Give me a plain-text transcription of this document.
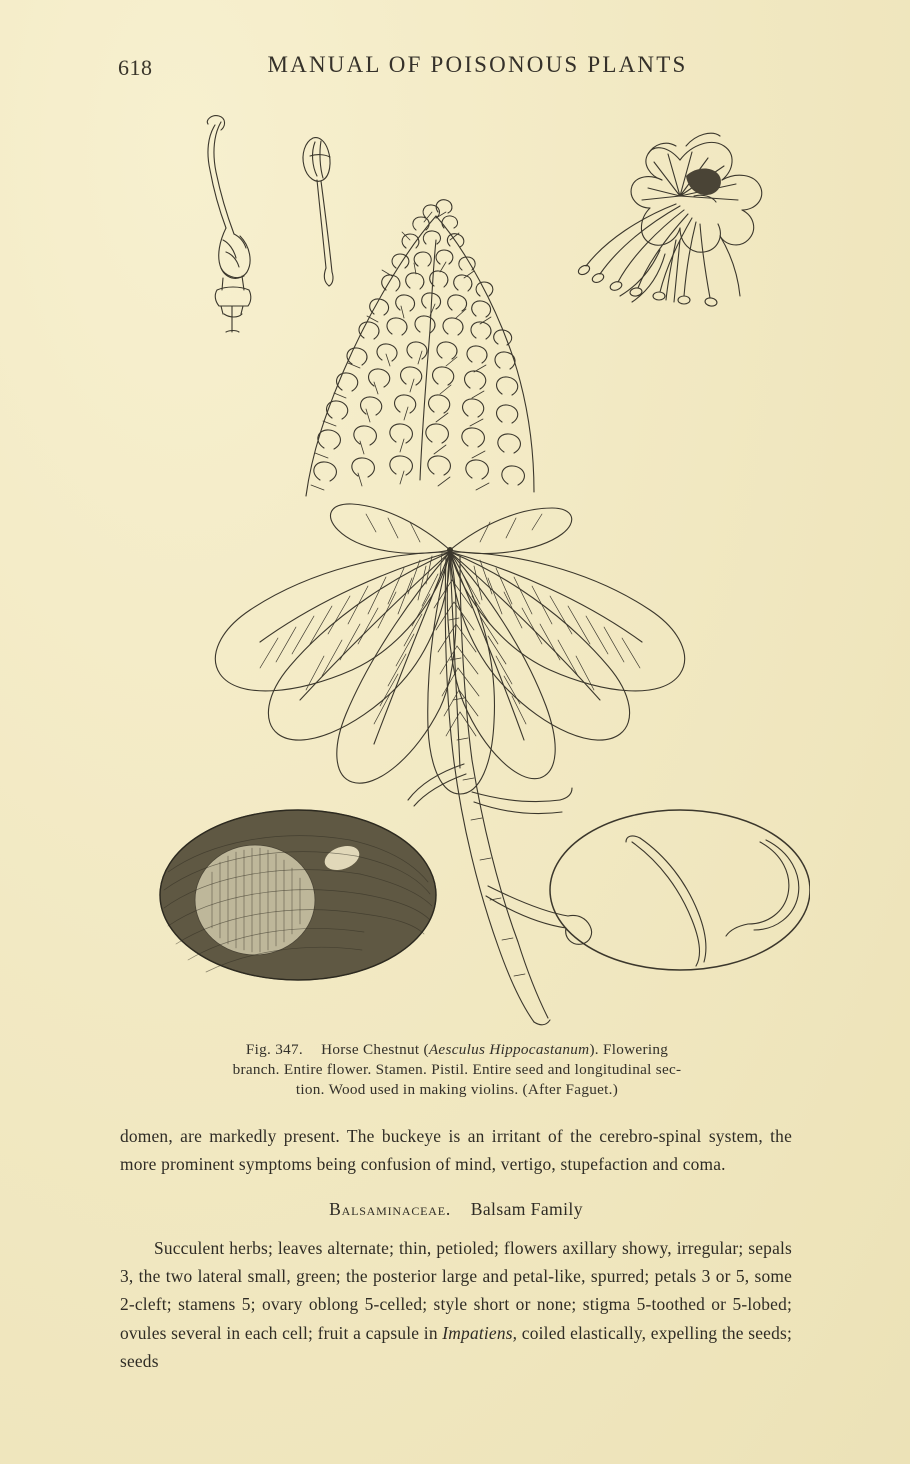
618	MANUAL OF POISONOUS PLANTS
Fig. 347. Horse Chestnut (Aesculus Hippocastanum). Flowering
branch. Entire flower. Stamen. Pistil. Entire seed and longitudinal sec-
tion. Wood used in making violins. (After Faguet.)

domen, are markedly present. The buckeye is an irritant of the cerebro-spinal system, the more prominent symptoms being confusion of mind, vertigo, stupefaction and coma.

Balsaminaceae. Balsam Family

Succulent herbs; leaves alternate; thin, petioled; flowers axillary showy, irregular; sepals 3, the two lateral small, green; the posterior large and petal-like, spurred; petals 3 or 5, some 2-cleft; stamens 5; ovary oblong 5-celled; style short or none; stigma 5-toothed or 5-lobed; ovules several in each cell; fruit a capsule in Impatiens, coiled elastically, expelling the seeds; seeds
